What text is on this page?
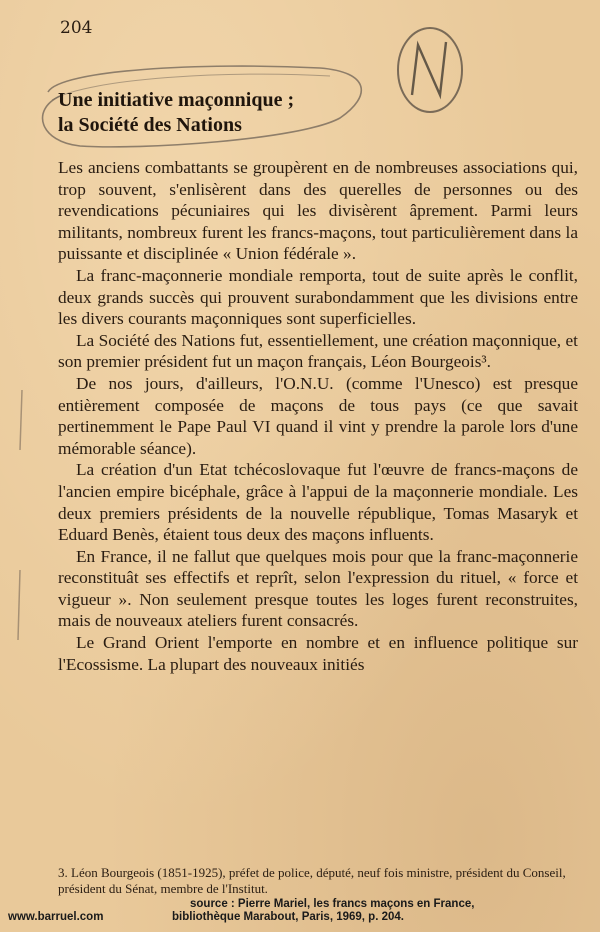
204
Une initiative maçonnique ;
la Société des Nations

Les anciens combattants se groupèrent en de nombreuses associations qui, trop souvent, s'enlisèrent dans des querelles de personnes ou des revendications pécuniaires qui les divisèrent âprement. Parmi leurs militants, nombreux furent les francs-maçons, tout particulièrement dans la puissante et disciplinée « Union fédérale ».

La franc-maçonnerie mondiale remporta, tout de suite après le conflit, deux grands succès qui prouvent surabondamment que les divisions entre les divers courants maçonniques sont superficielles.

La Société des Nations fut, essentiellement, une création maçonnique, et son premier président fut un maçon français, Léon Bourgeois³.

De nos jours, d'ailleurs, l'O.N.U. (comme l'Unesco) est presque entièrement composée de maçons de tous pays (ce que savait pertinemment le Pape Paul VI quand il vint y prendre la parole lors d'une mémorable séance).

La création d'un Etat tchécoslovaque fut l'œuvre de francs-maçons de l'ancien empire bicéphale, grâce à l'appui de la maçonnerie mondiale. Les deux premiers présidents de la nouvelle république, Tomas Masaryk et Eduard Benès, étaient tous deux des maçons influents.

En France, il ne fallut que quelques mois pour que la franc-maçonnerie reconstituât ses effectifs et reprît, selon l'expression du rituel, « force et vigueur ». Non seulement presque toutes les loges furent reconstruites, mais de nouveaux ateliers furent consacrés.

Le Grand Orient l'emporte en nombre et en influence politique sur l'Ecossisme. La plupart des nouveaux initiés

3. Léon Bourgeois (1851-1925), préfet de police, député, neuf fois ministre, président du Conseil, président du Sénat, membre de l'Institut.
source : Pierre Mariel, les francs maçons en France,
www.barruel.com	bibliothèque Marabout, Paris, 1969, p. 204.
